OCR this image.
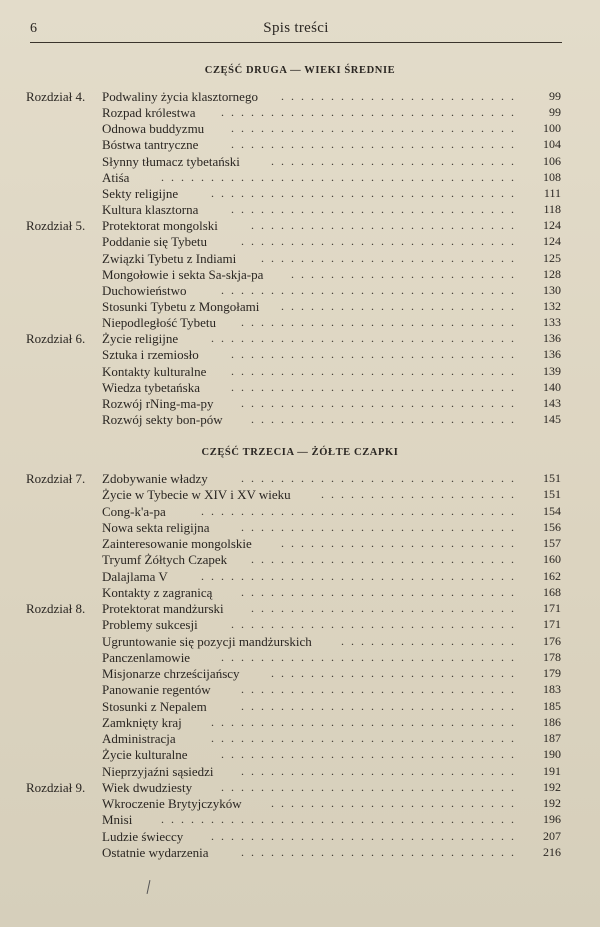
6	Spis treści
CZĘŚĆ DRUGA — WIEKI ŚREDNIE
Rozdział 4. Podwaliny życia klasztornego	........................	99
Rozpad królestwa	..............................	99
Odnowa buddyzmu	.............................	100
Bóstwa tantryczne	.............................	104
Słynny tłumacz tybetański	.........................	106
Atiśa	....................................	108
Sekty religijne	...............................	111
Kultura klasztorna	.............................	118
Rozdział 5. Protektorat mongolski	...........................	124
Poddanie się Tybetu	............................	124
Związki Tybetu z Indiami	..........................	125
Mongołowie i sekta Sa-skja-pa	.......................	128
Duchowieństwo	..............................	130
Stosunki Tybetu z Mongołami	........................	132
Niepodległość Tybetu	............................	133
Rozdział 6. Życie religijne	...............................	136
Sztuka i rzemiosło	.............................	136
Kontakty kulturalne	.............................	139
Wiedza tybetańska	.............................	140
Rozwój rNing-ma-py	............................	143
Rozwój sekty bon-pów	...........................	145
CZĘŚĆ TRZECIA — ŻÓŁTE CZAPKI
Rozdział 7. Zdobywanie władzy	............................	151
Życie w Tybecie w XIV i XV wieku	....................	151
Cong-k'a-pa	................................	154
Nowa sekta religijna	............................	156
Zainteresowanie mongolskie	........................	157
Tryumf Żółtych Czapek	...........................	160
Dalajlama V	................................	162
Kontakty z zagranicą	............................	168
Rozdział 8. Protektorat mandżurski	...........................	171
Problemy sukcesji	.............................	171
Ugruntowanie się pozycji mandżurskich	..................	176
Panczenlamowie	..............................	178
Misjonarze chrześcijańscy	.........................	179
Panowanie regentów	............................	183
Stosunki z Nepalem	............................	185
Zamknięty kraj	...............................	186
Administracja	...............................	187
Życie kulturalne	..............................	190
Nieprzyjaźni sąsiedzi	............................	191
Rozdział 9. Wiek dwudziesty	..............................	192
Wkroczenie Brytyjczyków	.........................	192
Mnisi	....................................	196
Ludzie świeccy	...............................	207
Ostatnie wydarzenia	............................	216
